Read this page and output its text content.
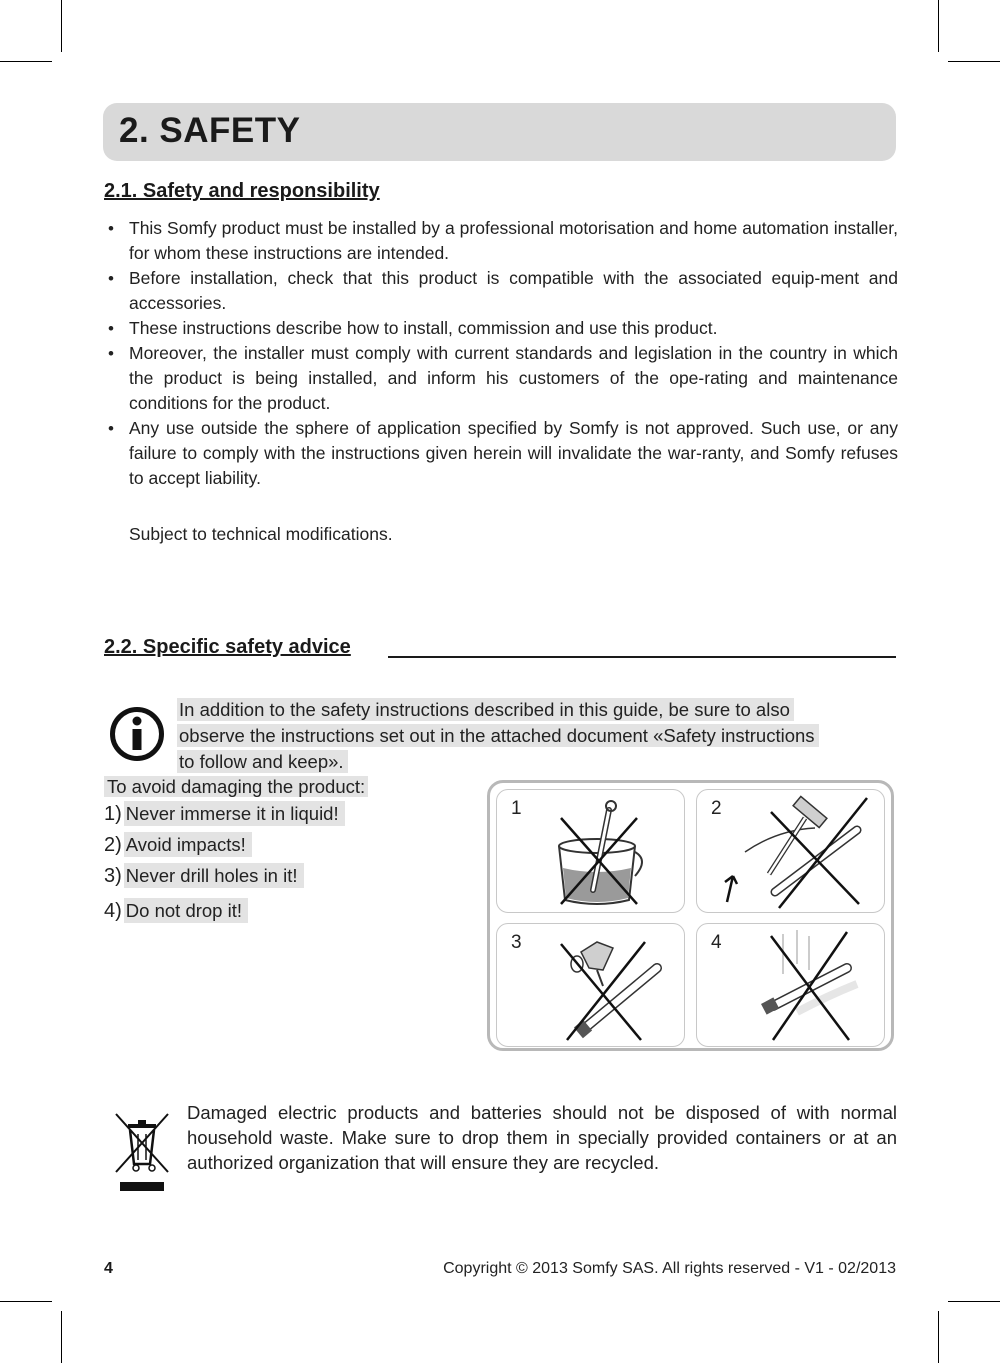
2. SAFETY
2.1. Safety and responsibility
• This Somfy product must be installed by a professional motorisation and home automation installer, for whom these instructions are intended.
• Before installation, check that this product is compatible with the associated equip-ment and accessories.
• These instructions describe how to install, commission and use this product.
• Moreover, the installer must comply with current standards and legislation in the country in which the product is being installed, and inform his customers of the ope-rating and maintenance conditions for the product.
• Any use outside the sphere of application specified by Somfy is not approved. Such use, or any failure to comply with the instructions given herein will invalidate the war-ranty, and Somfy refuses to accept liability.

Subject to technical modifications.

2.2. Specific safety advice
In addition to the safety instructions described in this guide, be sure to also
observe the instructions set out in the attached document «Safety instructions
to follow and keep».

To avoid damaging the product:

1) Never immerse it in liquid!
2) Avoid impacts!
3) Never drill holes in it!
4) Do not drop it!
1	2
3	4

Damaged electric products and batteries should not be disposed of with normal household waste. Make sure to drop them in specially provided containers or at an authorized organization that will ensure they are recycled.

4	Copyright © 2013 Somfy SAS. All rights reserved - V1 - 02/2013
